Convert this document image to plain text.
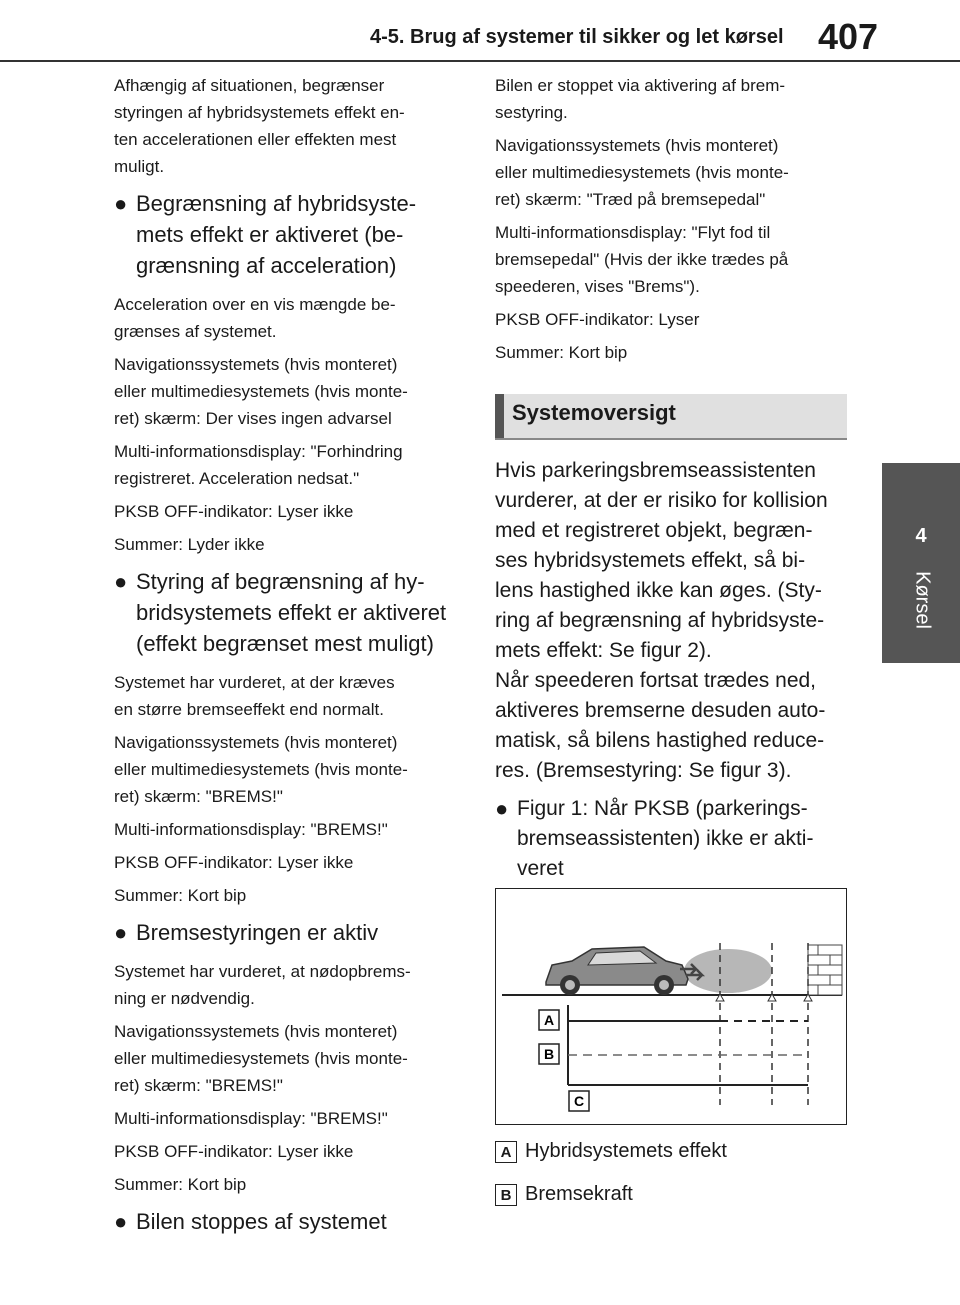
4-5. Brug af systemer til sikker og let kørsel 407
4
Kørsel

Afhængig af situationen, begrænser
styringen af hybridsystemets effekt en-
ten accelerationen eller effekten mest
muligt.

● Begrænsning af hybridsyste-
mets effekt er aktiveret (be-
grænsning af acceleration)

Acceleration over en vis mængde be-
grænses af systemet.

Navigationssystemets (hvis monteret)
eller multimediesystemets (hvis monte-
ret) skærm: Der vises ingen advarsel

Multi-informationsdisplay: "Forhindring
registreret. Acceleration nedsat."

PKSB OFF-indikator: Lyser ikke

Summer: Lyder ikke

● Styring af begrænsning af hy-
bridsystemets effekt er aktiveret
(effekt begrænset mest muligt)

Systemet har vurderet, at der kræves
en større bremseeffekt end normalt.

Navigationssystemets (hvis monteret)
eller multimediesystemets (hvis monte-
ret) skærm: "BREMS!"

Multi-informationsdisplay: "BREMS!"

PKSB OFF-indikator: Lyser ikke

Summer: Kort bip

● Bremsestyringen er aktiv

Systemet har vurderet, at nødopbrems-
ning er nødvendig.

Navigationssystemets (hvis monteret)
eller multimediesystemets (hvis monte-
ret) skærm: "BREMS!"

Multi-informationsdisplay: "BREMS!"

PKSB OFF-indikator: Lyser ikke

Summer: Kort bip

● Bilen stoppes af systemet

Bilen er stoppet via aktivering af brem-
sestyring.

Navigationssystemets (hvis monteret)
eller multimediesystemets (hvis monte-
ret) skærm: "Træd på bremsepedal"

Multi-informationsdisplay: "Flyt fod til
bremsepedal" (Hvis der ikke trædes på
speederen, vises "Brems").

PKSB OFF-indikator: Lyser

Summer: Kort bip

Systemoversigt

Hvis parkeringsbremseassistenten
vurderer, at der er risiko for kollision
med et registreret objekt, begræn-
ses hybridsystemets effekt, så bi-
lens hastighed ikke kan øges. (Sty-
ring af begrænsning af hybridsyste-
mets effekt: Se figur 2).
Når speederen fortsat trædes ned,
aktiveres bremserne desuden auto-
matisk, så bilens hastighed reduce-
res. (Bremsestyring: Se figur 3).

● Figur 1: Når PKSB (parkerings-
bremseassistenten) ikke er akti-
veret
A
B
C
A Hybridsystemets effekt
B Bremsekraft
